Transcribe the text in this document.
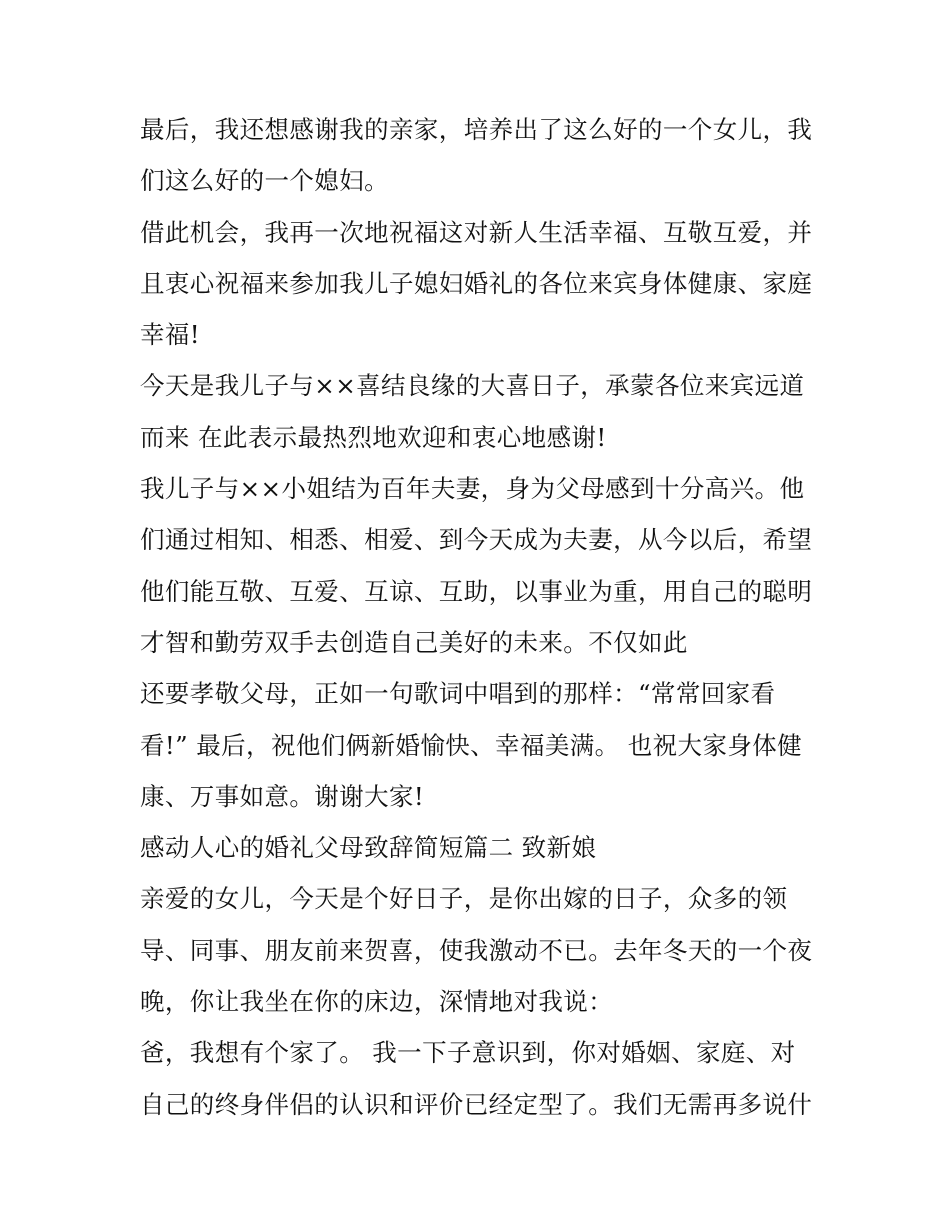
最后，我还想感谢我的亲家，培养出了这么好的一个女儿，我
们这么好的一个媳妇。
借此机会，我再一次地祝福这对新人生活幸福、互敬互爱，并
且衷心祝福来参加我儿子媳妇婚礼的各位来宾身体健康、家庭
幸福!
今天是我儿子与××喜结良缘的大喜日子，承蒙各位来宾远道
而来 在此表示最热烈地欢迎和衷心地感谢!
我儿子与××小姐结为百年夫妻，身为父母感到十分高兴。他
们通过相知、相悉、相爱、到今天成为夫妻，从今以后，希望
他们能互敬、互爱、互谅、互助，以事业为重，用自己的聪明
才智和勤劳双手去创造自己美好的未来。不仅如此
还要孝敬父母，正如一句歌词中唱到的那样：“常常回家看
看!” 最后，祝他们俩新婚愉快、幸福美满。 也祝大家身体健
康、万事如意。谢谢大家!
感动人心的婚礼父母致辞简短篇二 致新娘
亲爱的女儿，今天是个好日子，是你出嫁的日子，众多的领
导、同事、朋友前来贺喜，使我激动不已。去年冬天的一个夜
晚，你让我坐在你的床边，深情地对我说：
爸，我想有个家了。 我一下子意识到，你对婚姻、家庭、对
自己的终身伴侣的认识和评价已经定型了。我们无需再多说什
